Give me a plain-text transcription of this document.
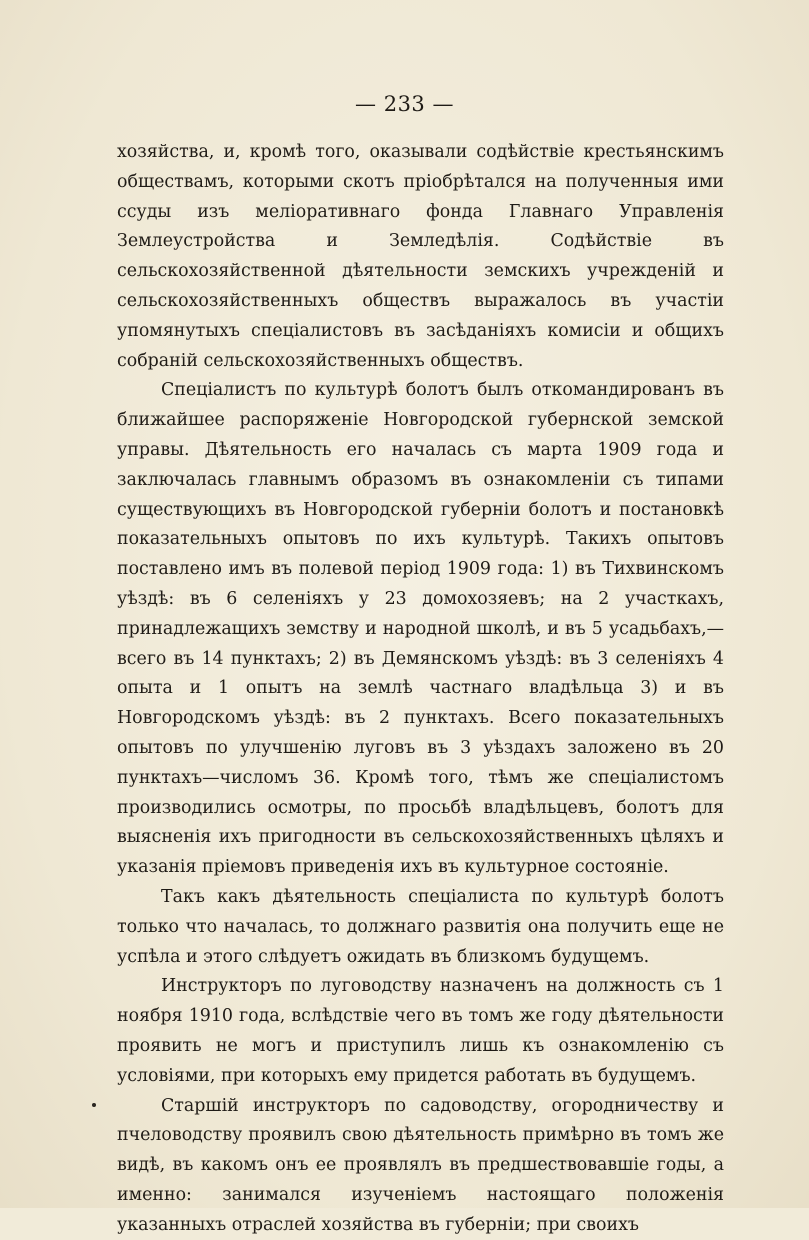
— 233 —

хозяйства, и, кромѣ того, оказывали содѣйствіе крестьянскимъ обществамъ, которыми скотъ пріобрѣтался на полученныя ими ссуды изъ меліоративнаго фонда Главнаго Управленія Землеустройства и Земледѣлія. Содѣйствіе въ сельскохозяйственной дѣятельности земскихъ учрежденій и сельскохозяйственныхъ обществъ выражалось въ участіи упомянутыхъ спеціалистовъ въ засѣданіяхъ комисіи и общихъ собраній сельскохозяйственныхъ обществъ.

Спеціалистъ по культурѣ болотъ былъ откомандированъ въ ближайшее распоряженіе Новгородской губернской земской управы. Дѣятельность его началась съ марта 1909 года и заключалась главнымъ образомъ въ ознакомленіи съ типами существующихъ въ Новгородской губерніи болотъ и постановкѣ показательныхъ опытовъ по ихъ культурѣ. Такихъ опытовъ поставлено имъ въ полевой період 1909 года: 1) въ Тихвинскомъ уѣздѣ: въ 6 селеніяхъ у 23 домохозяевъ; на 2 участкахъ, принадлежащихъ земству и народной школѣ, и въ 5 усадьбахъ,—всего въ 14 пунктахъ; 2) въ Демянскомъ уѣздѣ: въ 3 селеніяхъ 4 опыта и 1 опытъ на землѣ частнаго владѣльца 3) и въ Новгородскомъ уѣздѣ: въ 2 пунктахъ. Всего показательныхъ опытовъ по улучшенію луговъ въ 3 уѣздахъ заложено въ 20 пунктахъ—числомъ 36. Кромѣ того, тѣмъ же спеціалистомъ производились осмотры, по просьбѣ владѣльцевъ, болотъ для выясненія ихъ пригодности въ сельскохозяйственныхъ цѣляхъ и указанія пріемовъ приведенія ихъ въ культурное состояніе.

Такъ какъ дѣятельность спеціалиста по культурѣ болотъ только что началась, то должнаго развитія она получить еще не успѣла и этого слѣдуетъ ожидать въ близкомъ будущемъ.

Инструкторъ по луговодству назначенъ на должность съ 1 ноября 1910 года, вслѣдствіе чего въ томъ же году дѣятельности проявить не могъ и приступилъ лишь къ ознакомленію съ условіями, при которыхъ ему придется работать въ будущемъ.

Старшій инструкторъ по садоводству, огородничеству и пчеловодству проявилъ свою дѣятельность примѣрно въ томъ же видѣ, въ какомъ онъ ее проявлялъ въ предшествовавшіе годы, а именно: занимался изученіемъ настоящаго положенія указанныхъ отраслей хозяйства въ губерніи; при своихъ
